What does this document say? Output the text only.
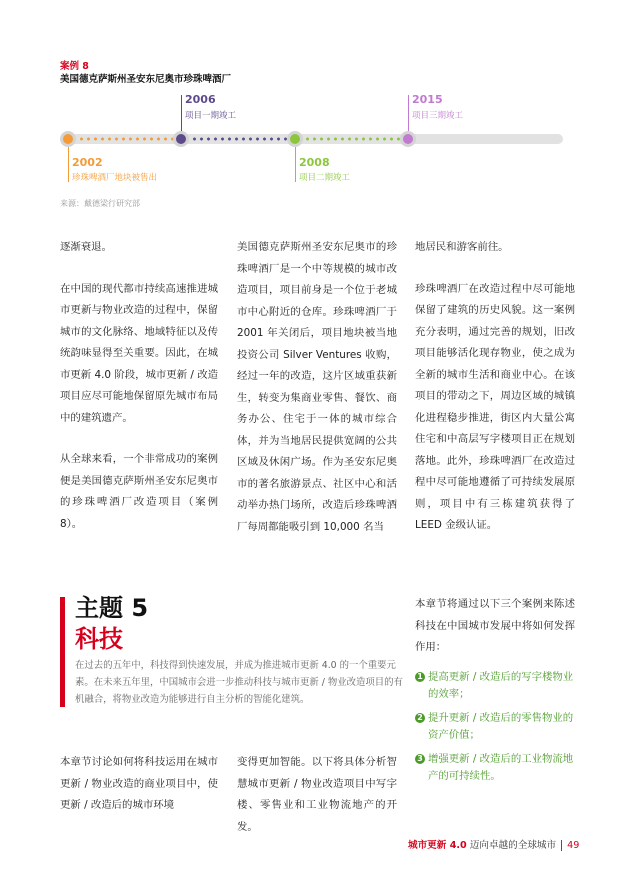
案例 8
美国德克萨斯州圣安东尼奥市珍珠啤酒厂
2006
项目一期竣工
2015
项目三期竣工
2002
珍珠啤酒厂地块被售出
2008
项目二期竣工
来源：戴德梁行研究部

逐渐衰退。

在中国的现代都市持续高速推进城市更新与物业改造的过程中，保留城市的文化脉络、地域特征以及传统韵味显得至关重要。因此，在城市更新 4.0 阶段，城市更新 / 改造项目应尽可能地保留原先城市布局中的建筑遗产。

从全球来看，一个非常成功的案例便是美国德克萨斯州圣安东尼奥市的珍珠啤酒厂改造项目（案例 8）。

美国德克萨斯州圣安东尼奥市的珍珠啤酒厂是一个中等规模的城市改造项目，项目前身是一个位于老城市中心附近的仓库。珍珠啤酒厂于 2001 年关闭后，项目地块被当地投资公司 Silver Ventures 收购，经过一年的改造，这片区域重获新生，转变为集商业零售、餐饮、商务办公、住宅于一体的城市综合体，并为当地居民提供宽阔的公共区域及休闲广场。作为圣安东尼奥市的著名旅游景点、社区中心和活动举办热门场所，改造后珍珠啤酒厂每周都能吸引到 10,000 名当

地居民和游客前往。

珍珠啤酒厂在改造过程中尽可能地保留了建筑的历史风貌。这一案例充分表明，通过完善的规划，旧改项目能够活化现存物业，使之成为全新的城市生活和商业中心。在该项目的带动之下，周边区域的城镇化进程稳步推进，街区内大量公寓住宅和中高层写字楼项目正在规划落地。此外，珍珠啤酒厂在改造过程中尽可能地遵循了可持续发展原则，项目中有三栋建筑获得了 LEED 金级认证。

主题 5
科技
在过去的五年中，科技得到快速发展，并成为推进城市更新 4.0 的一个重要元素。在未来五年里，中国城市会进一步推动科技与城市更新 / 物业改造项目的有机融合，将物业改造为能够进行自主分析的智能化建筑。

本章节讨论如何将科技运用在城市更新 / 物业改造的商业项目中，使更新 / 改造后的城市环境

变得更加智能。以下将具体分析智慧城市更新 / 物业改造项目中写字楼、零售业和工业物流地产的开发。

本章节将通过以下三个案例来陈述科技在中国城市发展中将如何发挥作用：

1 提高更新 / 改造后的写字楼物业的效率；
2 提升更新 / 改造后的零售物业的资产价值；
3 增强更新 / 改造后的工业物流地产的可持续性。
城市更新 4.0 迈向卓越的全球城市 49
